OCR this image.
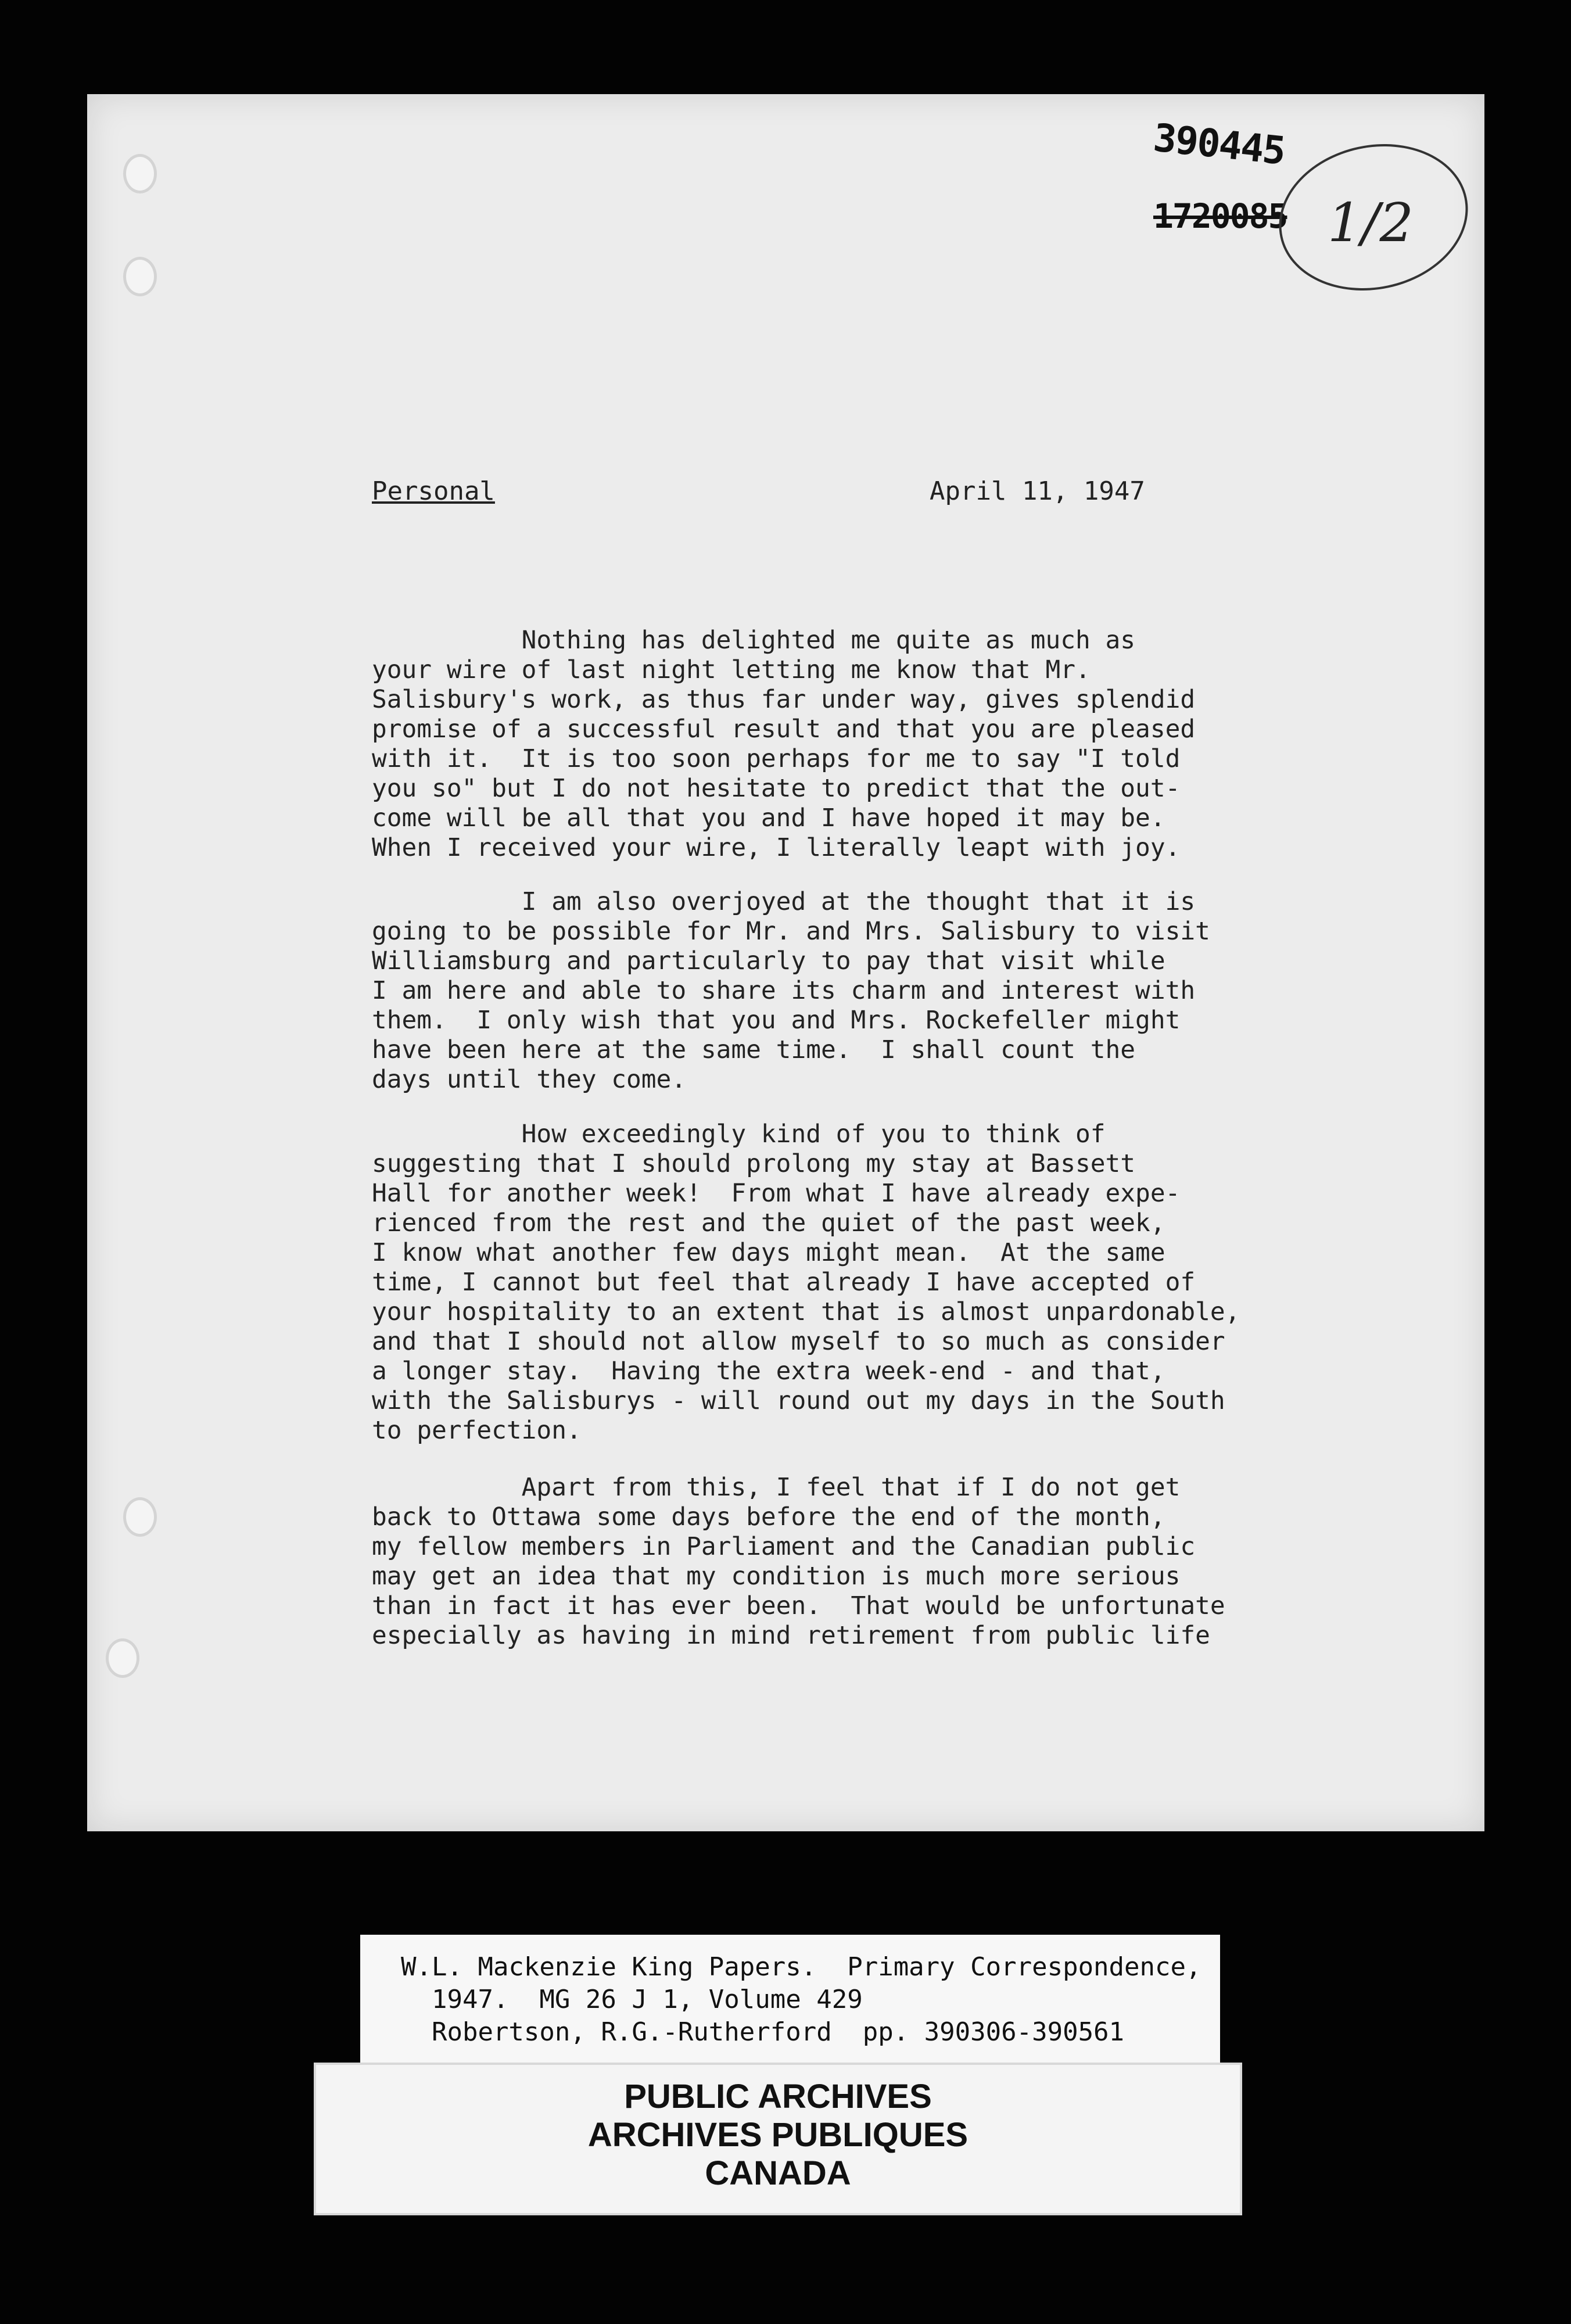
390445
1720085 1/2
Personal	April 11, 1947
Nothing has delighted me quite as much as
your wire of last night letting me know that Mr.
Salisbury's work, as thus far under way, gives splendid
promise of a successful result and that you are pleased
with it.  It is too soon perhaps for me to say "I told
you so" but I do not hesitate to predict that the out-
come will be all that you and I have hoped it may be.
When I received your wire, I literally leapt with joy.
I am also overjoyed at the thought that it is
going to be possible for Mr. and Mrs. Salisbury to visit
Williamsburg and particularly to pay that visit while
I am here and able to share its charm and interest with
them.  I only wish that you and Mrs. Rockefeller might
have been here at the same time.  I shall count the
days until they come.
How exceedingly kind of you to think of
suggesting that I should prolong my stay at Bassett
Hall for another week!  From what I have already expe-
rienced from the rest and the quiet of the past week,
I know what another few days might mean.  At the same
time, I cannot but feel that already I have accepted of
your hospitality to an extent that is almost unpardonable,
and that I should not allow myself to so much as consider
a longer stay.  Having the extra week-end - and that,
with the Salisburys - will round out my days in the South
to perfection.
Apart from this, I feel that if I do not get
back to Ottawa some days before the end of the month,
my fellow members in Parliament and the Canadian public
may get an idea that my condition is much more serious
than in fact it has ever been.  That would be unfortunate
especially as having in mind retirement from public life
W.L. Mackenzie King Papers.  Primary Correspondence,
1947.  MG 26 J 1, Volume 429
Robertson, R.G.-Rutherford  pp. 390306-390561
PUBLIC ARCHIVES
ARCHIVES PUBLIQUES
CANADA
